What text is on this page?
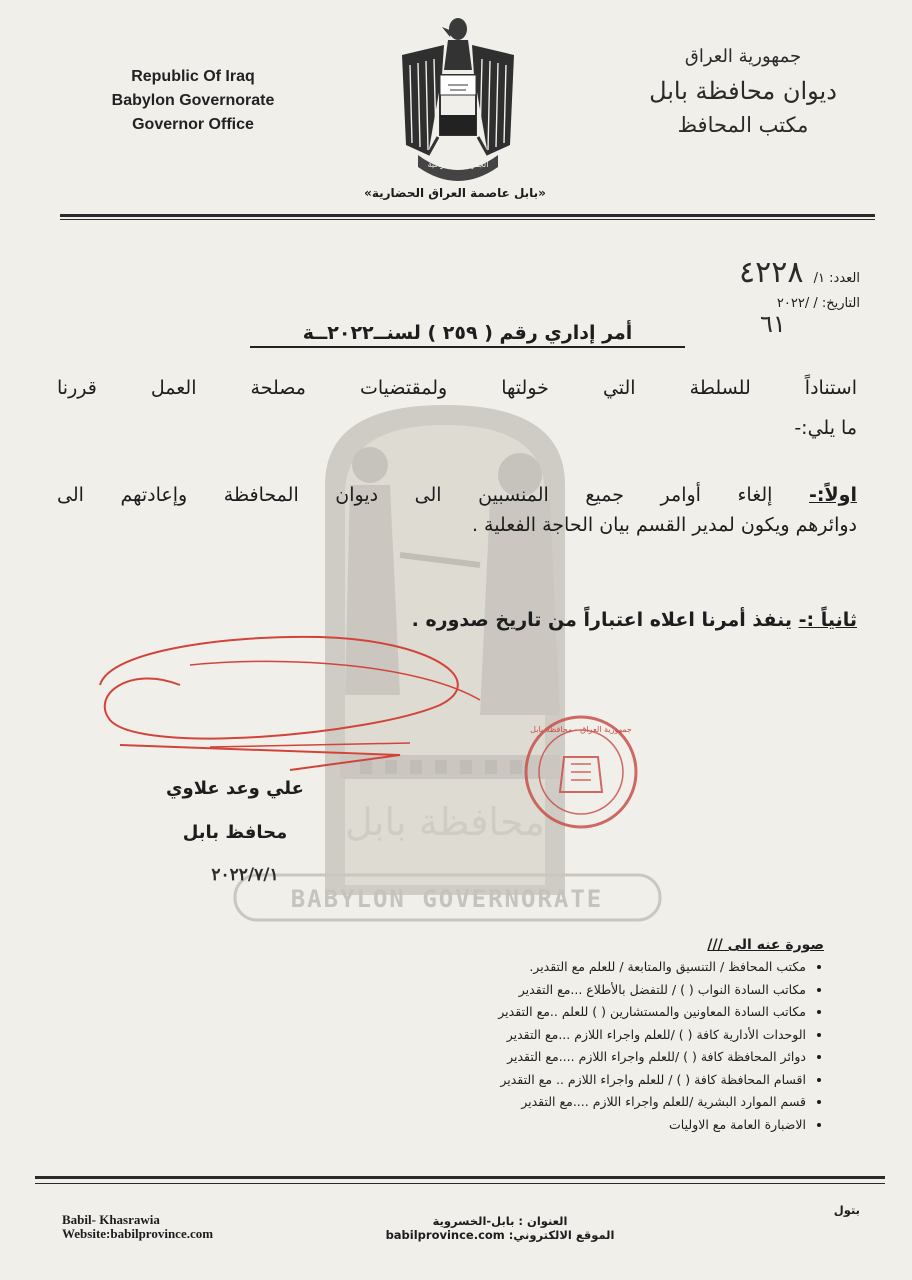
Republic Of Iraq
Babylon Governorate
Governor Office
جمهورية العراق
ديوان محافظة بابل
مكتب المحافظ
الجمهورية العراقية
«بابل عاصمة العراق الحضارية»
العدد: ١/ ٤٢٢٨
التاريخ: / /٢٠٢٢
٦١
أمر إداري رقم ( ٢٥٩ ) لسنــ٢٠٢٢ــة
محافظة بابل
BABYLON GOVERNORATE
استناداً للسلطة التي خولتها ولمقتضيات مصلحة العمل قررنا
ما يلي:-
اولاً:- إلغاء أوامر جميع المنسبين الى ديوان المحافظة وإعادتهم الى
دوائرهم ويكون لمدير القسم بيان الحاجة الفعلية .
ثانياً :- ينفذ أمرنا اعلاه اعتباراً من تاريخ صدوره .
جمهورية العراق - محافظة بابل
علي وعد علاوي
محافظ بابل
٢٠٢٢/٧/١
صورة عنه الى ///
• مكتب المحافظ / التنسيق والمتابعة / للعلم مع التقدير.
• مكاتب السادة النواب ( ) / للتفضل بالأطلاع ...مع التقدير
• مكاتب السادة المعاونين والمستشارين ( ) للعلم ..مع التقدير
• الوحدات الأدارية كافة ( ) /للعلم واجراء اللازم ...مع التقدير
• دوائر المحافظة كافة ( ) /للعلم واجراء اللازم ....مع التقدير
• اقسام المحافظة كافة ( ) / للعلم واجراء اللازم .. مع التقدير
• قسم الموارد البشرية /للعلم واجراء اللازم ....مع التقدير
• الاضبارة العامة مع الاوليات
Babil- Khasrawia
Website:babilprovince.com
العنوان : بابل-الخسروية
babilprovince.com :الموقع الالكتروني
بتول
